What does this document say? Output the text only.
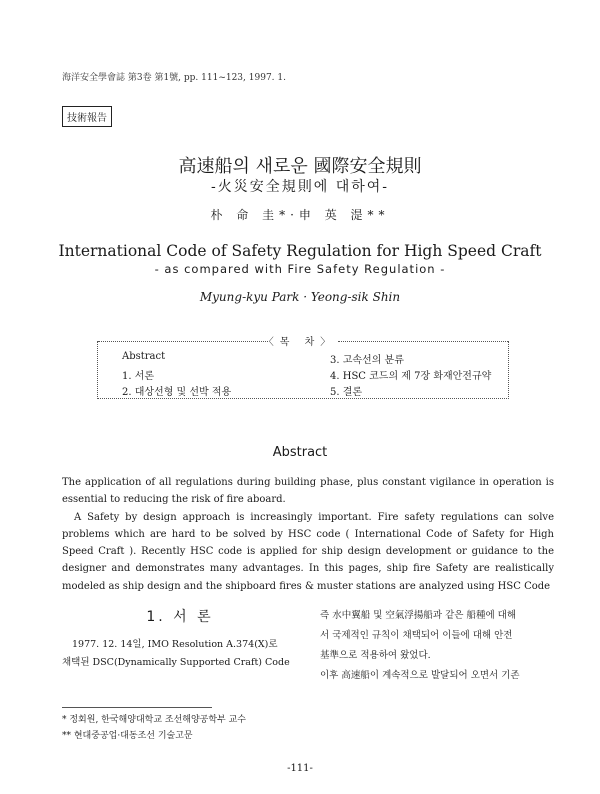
海洋安全學會誌 第3卷 第1號, pp. 111~123, 1997. 1.
技術報告
高速船의 새로운 國際安全規則
-火災安全規則에 대하여-
朴 命 圭*·申 英 湜**
International Code of Safety Regulation for High Speed Craft
- as compared with Fire Safety Regulation -
Myung-kyu Park · Yeong-sik Shin
Abstract
1. 서론
2. 대상선형 및 선박 적용
3. 고속선의 분류
4. HSC 코드의 제 7장 화재안전규약
5. 결론
〈목 차〉
Abstract

The application of all regulations during building phase, plus constant vigilance in operation is essential to reducing the risk of fire aboard.

A Safety by design approach is increasingly important. Fire safety regulations can solve problems which are hard to be solved by HSC code ( International Code of Safety for High Speed Craft ). Recently HSC code is applied for ship design development or guidance to the designer and demonstrates many advantages. In this pages, ship fire Safety are realistically modeled as ship design and the shipboard fires & muster stations are analyzed using HSC Code

1. 서 론

1977. 12. 14일, IMO Resolution A.374(X)로

채택된 DSC(Dynamically Supported Craft) Code

즉 水中翼船 및 空氣浮揚船과 같은 船種에 대해

서 국제적인 규칙이 채택되어 이들에 대해 안전

基準으로 적용하여 왔었다.

이후 高速船이 계속적으로 발달되어 오면서 기존

* 정회원, 한국해양대학교 조선해양공학부 교수
** 현대중공업·대동조선 기술고문
-111-
